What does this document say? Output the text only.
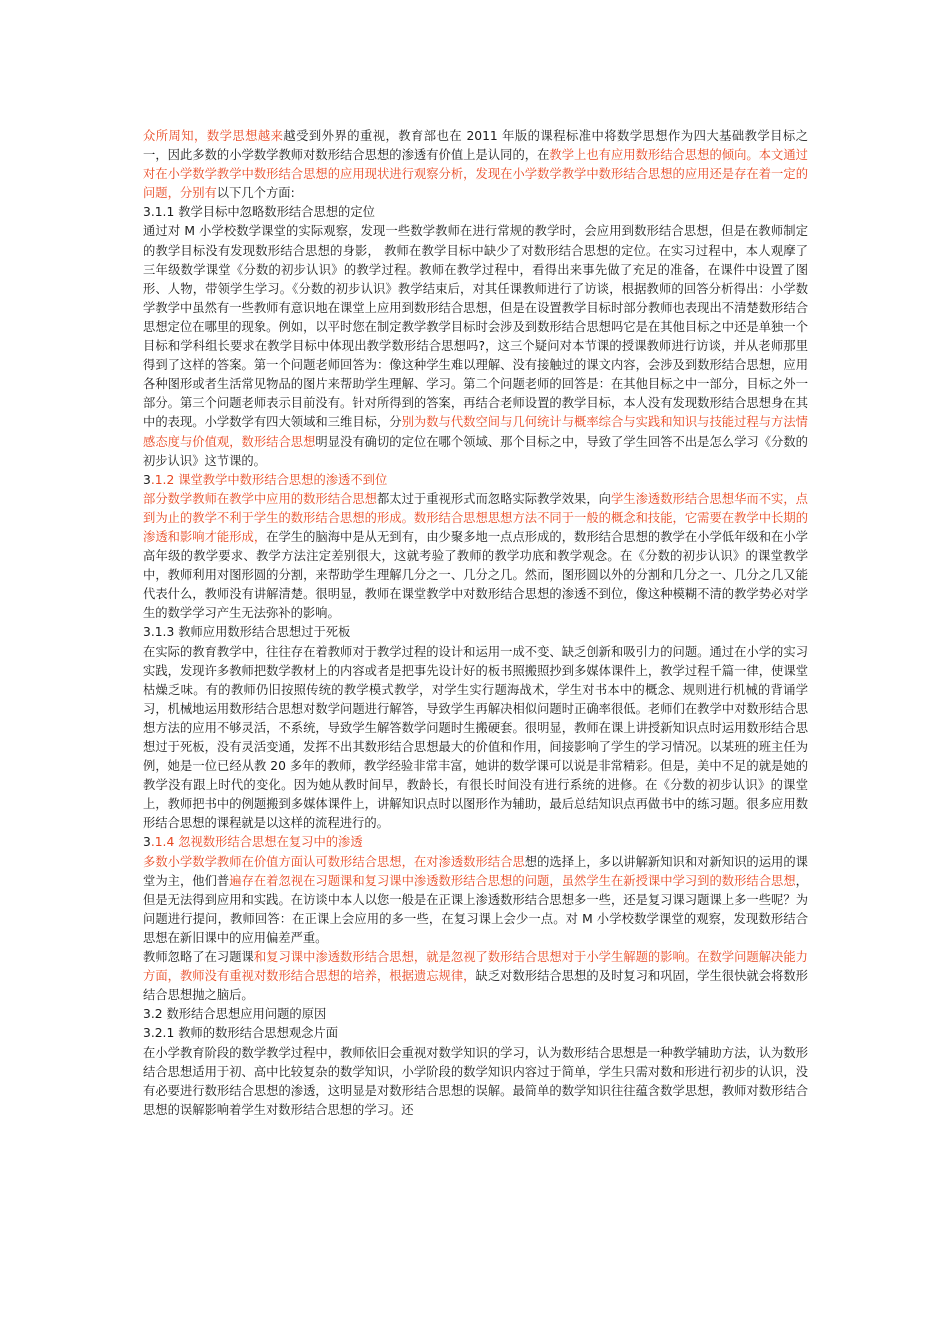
众所周知，数学思想越来越受到外界的重视，教育部也在 2011 年版的课程标准中将数学思想作为四大基础教学目标之一，因此多数的小学数学教师对数形结合思想的渗透有价值上是认同的，在教学上也有应用数形结合思想的倾向。本文通过对在小学数学教学中数形结合思想的应用现状进行观察分析，发现在小学数学教学中数形结合思想的应用还是存在着一定的问题，分别有以下几个方面:
3.1.1 教学目标中忽略数形结合思想的定位
通过对 M 小学校数学课堂的实际观察，发现一些数学教师在进行常规的教学时，会应用到数形结合思想，但是在教师制定的教学目标没有发现数形结合思想的身影， 教师在教学目标中缺少了对数形结合思想的定位。在实习过程中，本人观摩了三年级数学课堂《分数的初步认识》的教学过程。教师在教学过程中，看得出来事先做了充足的准备，在课件中设置了图形、人物，带领学生学习。《分数的初步认识》教学结束后，对其任课教师进行了访谈，根据教师的回答分析得出：小学数学教学中虽然有一些教师有意识地在课堂上应用到数形结合思想，但是在设置教学目标时部分教师也表现出不清楚数形结合思想定位在哪里的现象。例如，以平时您在制定教学教学目标时会涉及到数形结合思想吗它是在其他目标之中还是单独一个目标和学科组长要求在教学目标中体现出教学数形结合思想吗?，这三个疑问对本节课的授课教师进行访谈，并从老师那里得到了这样的答案。第一个问题老师回答为：像这种学生难以理解、没有接触过的课文内容，会涉及到数形结合思想，应用各种图形或者生活常见物品的图片来帮助学生理解、学习。第二个问题老师的回答是：在其他目标之中一部分，目标之外一部分。第三个问题老师表示目前没有。针对所得到的答案，再结合老师设置的教学目标，本人没有发现数形结合思想身在其中的表现。小学数学有四大领域和三维目标，分别为数与代数空间与几何统计与概率综合与实践和知识与技能过程与方法情感态度与价值观，数形结合思想明显没有确切的定位在哪个领域、那个目标之中，导致了学生回答不出是怎么学习《分数的初步认识》这节课的。
3.1.2 课堂教学中数形结合思想的渗透不到位
部分数学教师在教学中应用的数形结合思想都太过于重视形式而忽略实际教学效果，向学生渗透数形结合思想华而不实，点到为止的教学不利于学生的数形结合思想的形成。数形结合思想思想方法不同于一般的概念和技能，它需要在教学中长期的渗透和影响才能形成，在学生的脑海中是从无到有，由少聚多地一点点形成的，数形结合思想的教学在小学低年级和在小学高年级的教学要求、教学方法注定差别很大，这就考验了教师的教学功底和教学观念。在《分数的初步认识》的课堂教学中，教师利用对图形圆的分割，来帮助学生理解几分之一、几分之几。然而，图形圆以外的分割和几分之一、几分之几又能代表什么，教师没有讲解清楚。很明显，教师在课堂教学中对数形结合思想的渗透不到位，像这种模糊不清的教学势必对学生的数学学习产生无法弥补的影响。
3.1.3 教师应用数形结合思想过于死板
在实际的教育教学中，往往存在着教师对于教学过程的设计和运用一成不变、缺乏创新和吸引力的问题。通过在小学的实习实践，发现许多教师把数学教材上的内容或者是把事先设计好的板书照搬照抄到多媒体课件上，教学过程千篇一律，使课堂枯燥乏味。有的教师仍旧按照传统的教学模式教学，对学生实行题海战术，学生对书本中的概念、规则进行机械的背诵学习，机械地运用数形结合思想对数学问题进行解答，导致学生再解决相似问题时正确率很低。老师们在教学中对数形结合思想方法的应用不够灵活，不系统，导致学生解答数学问题时生搬硬套。很明显，教师在课上讲授新知识点时运用数形结合思想过于死板，没有灵活变通，发挥不出其数形结合思想最大的价值和作用，间接影响了学生的学习情况。以某班的班主任为例，她是一位已经从教 20 多年的教师，教学经验非常丰富，她讲的数学课可以说是非常精彩。但是，美中不足的就是她的教学没有跟上时代的变化。因为她从教时间早，教龄长，有很长时间没有进行系统的进修。在《分数的初步认识》的课堂上，教师把书中的例题搬到多媒体课件上，讲解知识点时以图形作为辅助，最后总结知识点再做书中的练习题。很多应用数形结合思想的课程就是以这样的流程进行的。
3.1.4 忽视数形结合思想在复习中的渗透
多数小学数学教师在价值方面认可数形结合思想，在对渗透数形结合思想的选择上，多以讲解新知识和对新知识的运用的课堂为主，他们普遍存在着忽视在习题课和复习课中渗透数形结合思想的问题，虽然学生在新授课中学习到的数形结合思想，但是无法得到应用和实践。在访谈中本人以您一般是在正课上渗透数形结合思想多一些，还是复习课习题课上多一些呢？为问题进行提问，教师回答：在正课上会应用的多一些，在复习课上会少一点。对 M 小学校数学课堂的观察，发现数形结合思想在新旧课中的应用偏差严重。
教师忽略了在习题课和复习课中渗透数形结合思想，就是忽视了数形结合思想对于小学生解题的影响。在数学问题解决能力方面，教师没有重视对数形结合思想的培养，根据遗忘规律，缺乏对数形结合思想的及时复习和巩固，学生很快就会将数形结合思想抛之脑后。
3.2 数形结合思想应用问题的原因
3.2.1 教师的数形结合思想观念片面
在小学教育阶段的数学教学过程中，教师依旧会重视对数学知识的学习，认为数形结合思想是一种教学辅助方法，认为数形结合思想适用于初、高中比较复杂的数学知识，小学阶段的数学知识内容过于简单，学生只需对数和形进行初步的认识，没有必要进行数形结合思想的渗透，这明显是对数形结合思想的误解。最简单的数学知识往往蕴含数学思想，教师对数形结合思想的误解影响着学生对数形结合思想的学习。还
